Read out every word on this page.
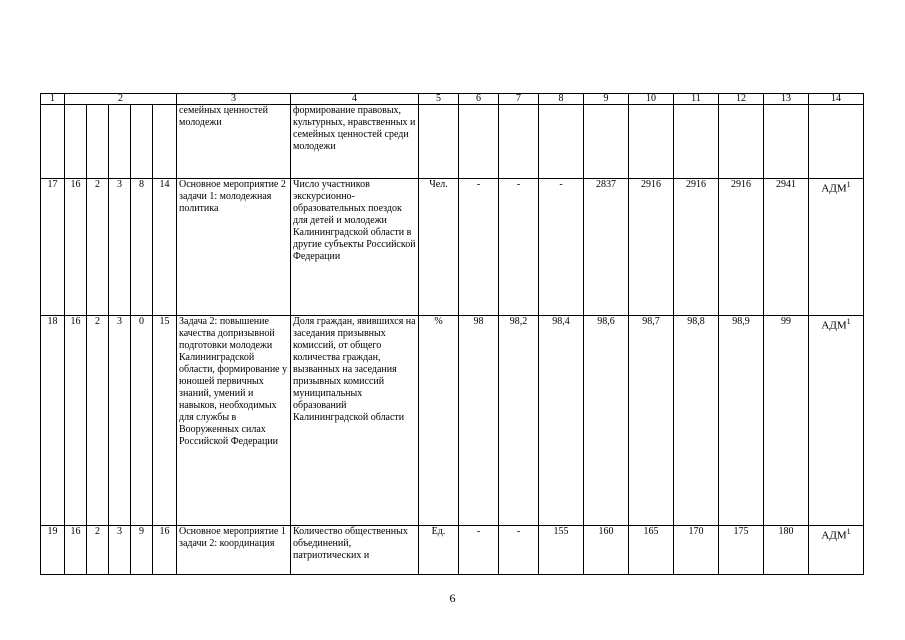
1	2					3	4	5	6	7	8	9	10	11	12	13	14
						семейных ценностей молодежи	формирование правовых, культурных, нравственных и семейных ценностей среди молодежи										
17	16	2	3	8	14	Основное мероприятие 2 задачи 1: молодежная политика	Число участников экскурсионно-образовательных поездок для детей и молодежи Калининградской области в другие субъекты Российской Федерации	Чел.	-	-	-	2837	2916	2916	2916	2941	АДМ$^1$
18	16	2	3	0	15	Задача 2: повышение качества допризывной подготовки молодежи Калининградской области, формирование у юношей первичных знаний, умений и навыков, необходимых для службы в Вооруженных силах Российской Федерации	Доля граждан, явившихся на заседания призывных комиссий, от общего количества граждан, вызванных на заседания призывных комиссий муниципальных образований Калининградской области	%	98	98,2	98,4	98,6	98,7	98,8	98,9	99	АДМ$^1$
19	16	2	3	9	16	Основное мероприятие 1 задачи 2: координация	Количество общественных объединений, патриотических и	Ед.	-	-	155	160	165	170	175	180	АДМ$^1$
6
